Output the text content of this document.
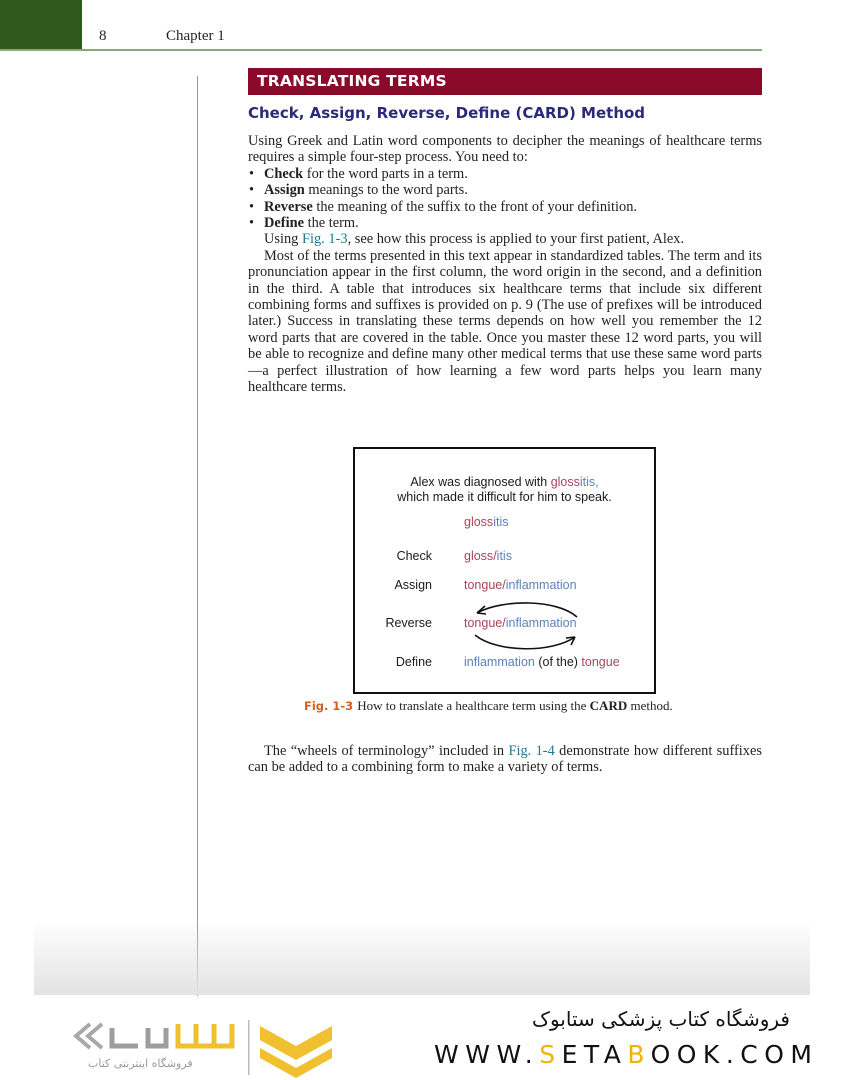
8	Chapter 1
TRANSLATING TERMS
Check, Assign, Reverse, Define (CARD) Method

Using Greek and Latin word components to decipher the meanings of healthcare terms requires a simple four-step process. You need to:

• Check for the word parts in a term.
• Assign meanings to the word parts.
• Reverse the meaning of the suffix to the front of your definition.
• Define the term.

Using Fig. 1-3, see how this process is applied to your first patient, Alex.

Most of the terms presented in this text appear in standardized tables. The term and its pronunciation appear in the first column, the word origin in the second, and a definition in the third. A table that introduces six healthcare terms that include six different combining forms and suffixes is provided on p. 9 (The use of prefixes will be introduced later.) Success in translating these terms depends on how well you remember the 12 word parts that are covered in the table. Once you master these 12 word parts, you will be able to recognize and define many other medical terms that use these same word parts—a perfect illustration of how learning a few word parts helps you learn many healthcare terms.

Alex was diagnosed with glossitis,
which made it difficult for him to speak.
glossitis
Check	gloss/itis
Assign	tongue/inflammation
Reverse	tongue/inflammation
Define	inflammation (of the) tongue
Fig. 1-3 How to translate a healthcare term using the CARD method.

The “wheels of terminology” included in Fig. 1-4 demonstrate how different suffixes can be added to a combining form to make a variety of terms.

فروشگاه اینترنتی کتاب
فروشگاه کتاب پزشکی ستابوک
WWW.SETABOOK.COM
